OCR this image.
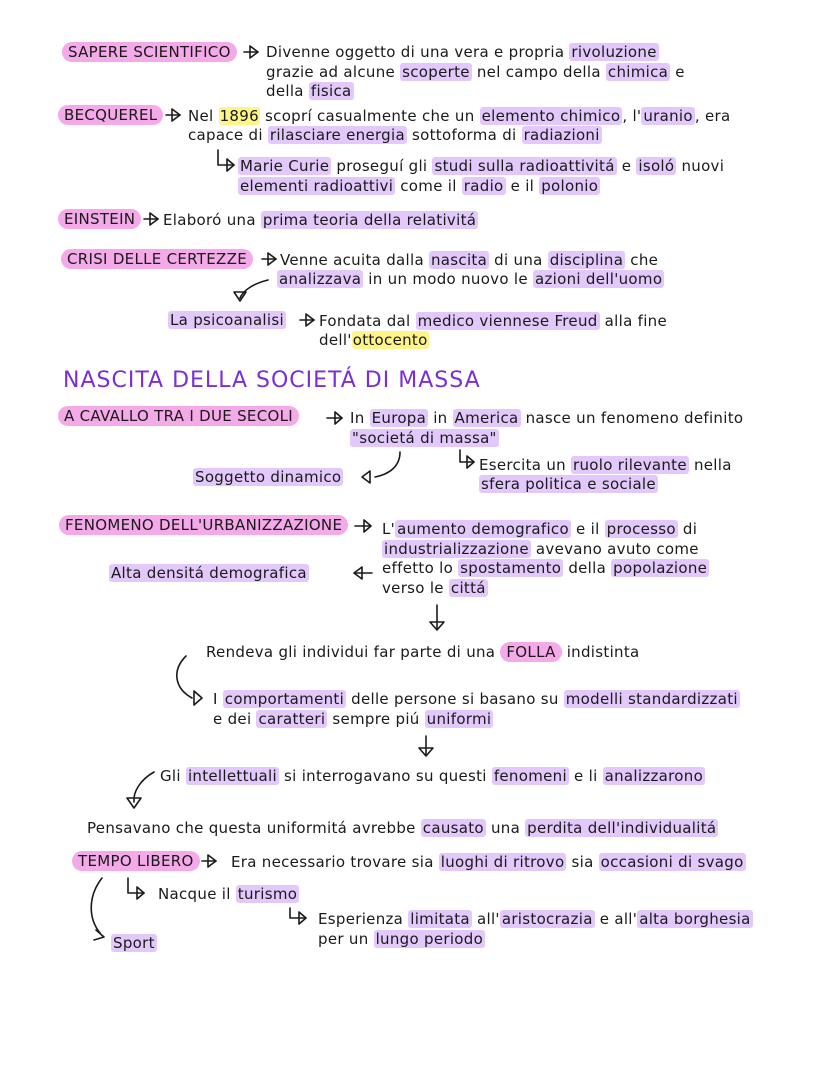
SAPERE SCIENTIFICO	Divenne oggetto di una vera e propria rivoluzione
grazie ad alcune scoperte nel campo della chimica e
della fisica
BECQUEREL	Nel 1896 scoprí casualmente che un elemento chimico , l' uranio , era
capace di rilasciare energia sottoforma di radiazioni
Marie Curie proseguí gli studi sulla radioattivitá e isoló nuovi
elementi radioattivi come il radio e il polonio
EINSTEIN	Elaboró una prima teoria della relativitá
CRISI DELLE CERTEZZE	Venne acuita dalla nascita di una disciplina che
analizzava in un modo nuovo le azioni dell'uomo
La psicoanalisi Fondata dal medico viennese Freud alla fine
dell'ottocento
NASCITA DELLA SOCIETÁ DI MASSA
A CAVALLO TRA I DUE SECOLI	In Europa in America nasce un fenomeno definito
"societá di massa"
Soggetto dinamico
Esercita un ruolo rilevante nella
sfera politica e sociale
FENOMENO DELL'URBANIZZAZIONE	L' aumento demografico e il processo di
industrializzazione avevano avuto come
Alta densitá demografica	effetto lo spostamento della popolazione
verso le cittá
Rendeva gli individui far parte di una FOLLA indistinta
I comportamenti delle persone si basano su modelli standardizzati
e dei caratteri sempre piú uniformi
Gli intellettuali si interrogavano su questi fenomeni e li analizzarono
Pensavano che questa uniformitá avrebbe causato una perdita dell'individualitá
TEMPO LIBERO	Era necessario trovare sia luoghi di ritrovo sia occasioni di svago
Nacque il turismo
Esperienza limitata all' aristocrazia e all' alta borghesia
per un lungo periodo
Sport
